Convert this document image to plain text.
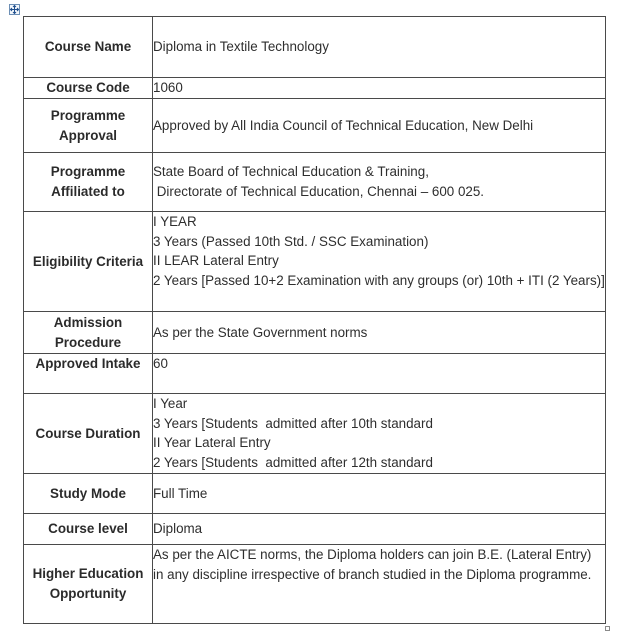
Course Name	Diploma in Textile Technology
Course Code	1060
Programme Approval	Approved by All India Council of Technical Education, New Delhi
Programme Affiliated to	State Board of Technical Education & Training,
Directorate of Technical Education, Chennai – 600 025.

Eligibility Criteria	I YEAR
3 Years (Passed 10th Std. / SSC Examination)
II LEAR Lateral Entry
2 Years [Passed 10+2 Examination with any groups (or) 10th + ITI (2 Years)]

Admission Procedure	As per the State Government norms
Approved Intake	60
Course Duration	I Year
3 Years [Students  admitted after 10th standard
II Year Lateral Entry
2 Years [Students  admitted after 12th standard

Study Mode	Full Time
Course level	Diploma
Higher Education Opportunity	As per the AICTE norms, the Diploma holders can join B.E. (Lateral Entry) in any discipline irrespective of branch studied in the Diploma programme.
